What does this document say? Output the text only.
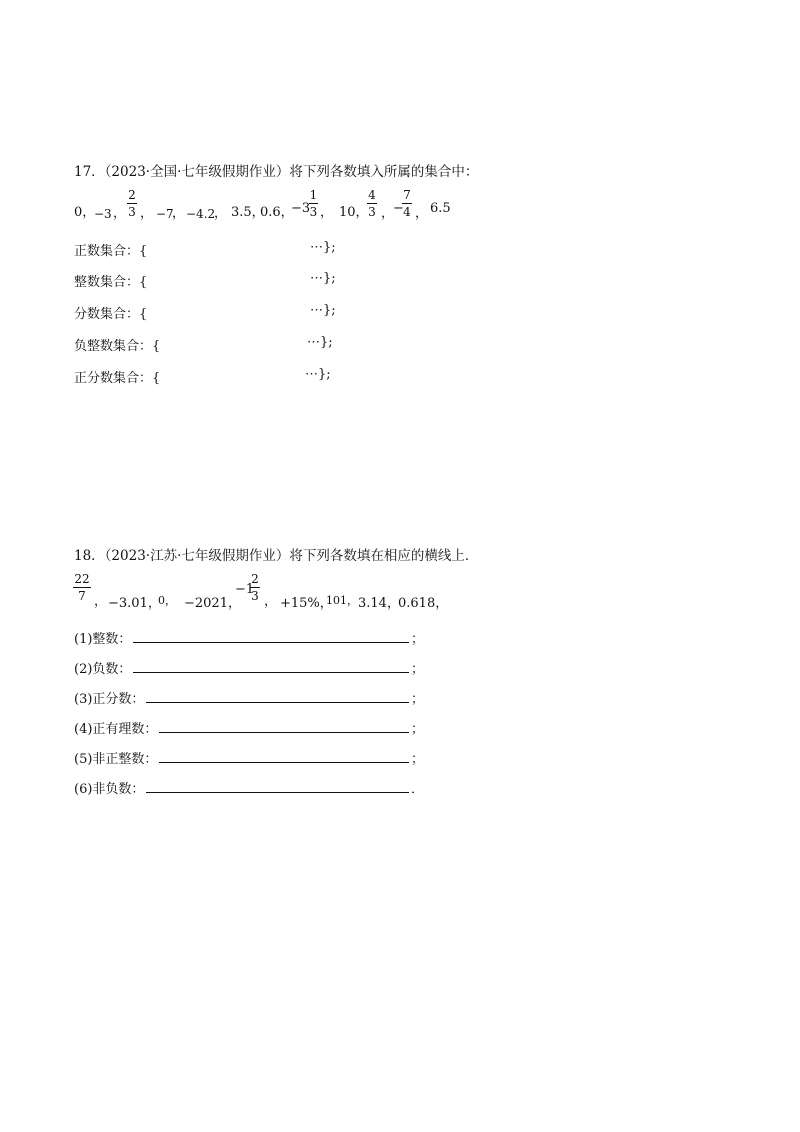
17．（2023·全国·七年级假期作业）将下列各数填入所属的集合中：
0，
−3 ，
2
3 ， −7
， −4.2
， 3.5，
0.6，
−3
1
3 ， 10，
4
3 ，
−
7
4 ， 6.5
正数集合：{	⋯};
整数集合：{	⋯};
分数集合：{	⋯};
负整数集合：{	⋯};
正分数集合：{	⋯};
18．（2023·江苏·七年级假期作业）将下列各数填在相应的横线上．
22
7 ， −3.01，
0， −2021，
−1
2
3 ， +15%，
101， 3.14，
0.618，
(1)整数：	；
(2)负数：	；
(3)正分数：	；
(4)正有理数：	；
(5)非正整数：	；
(6)非负数：	．
